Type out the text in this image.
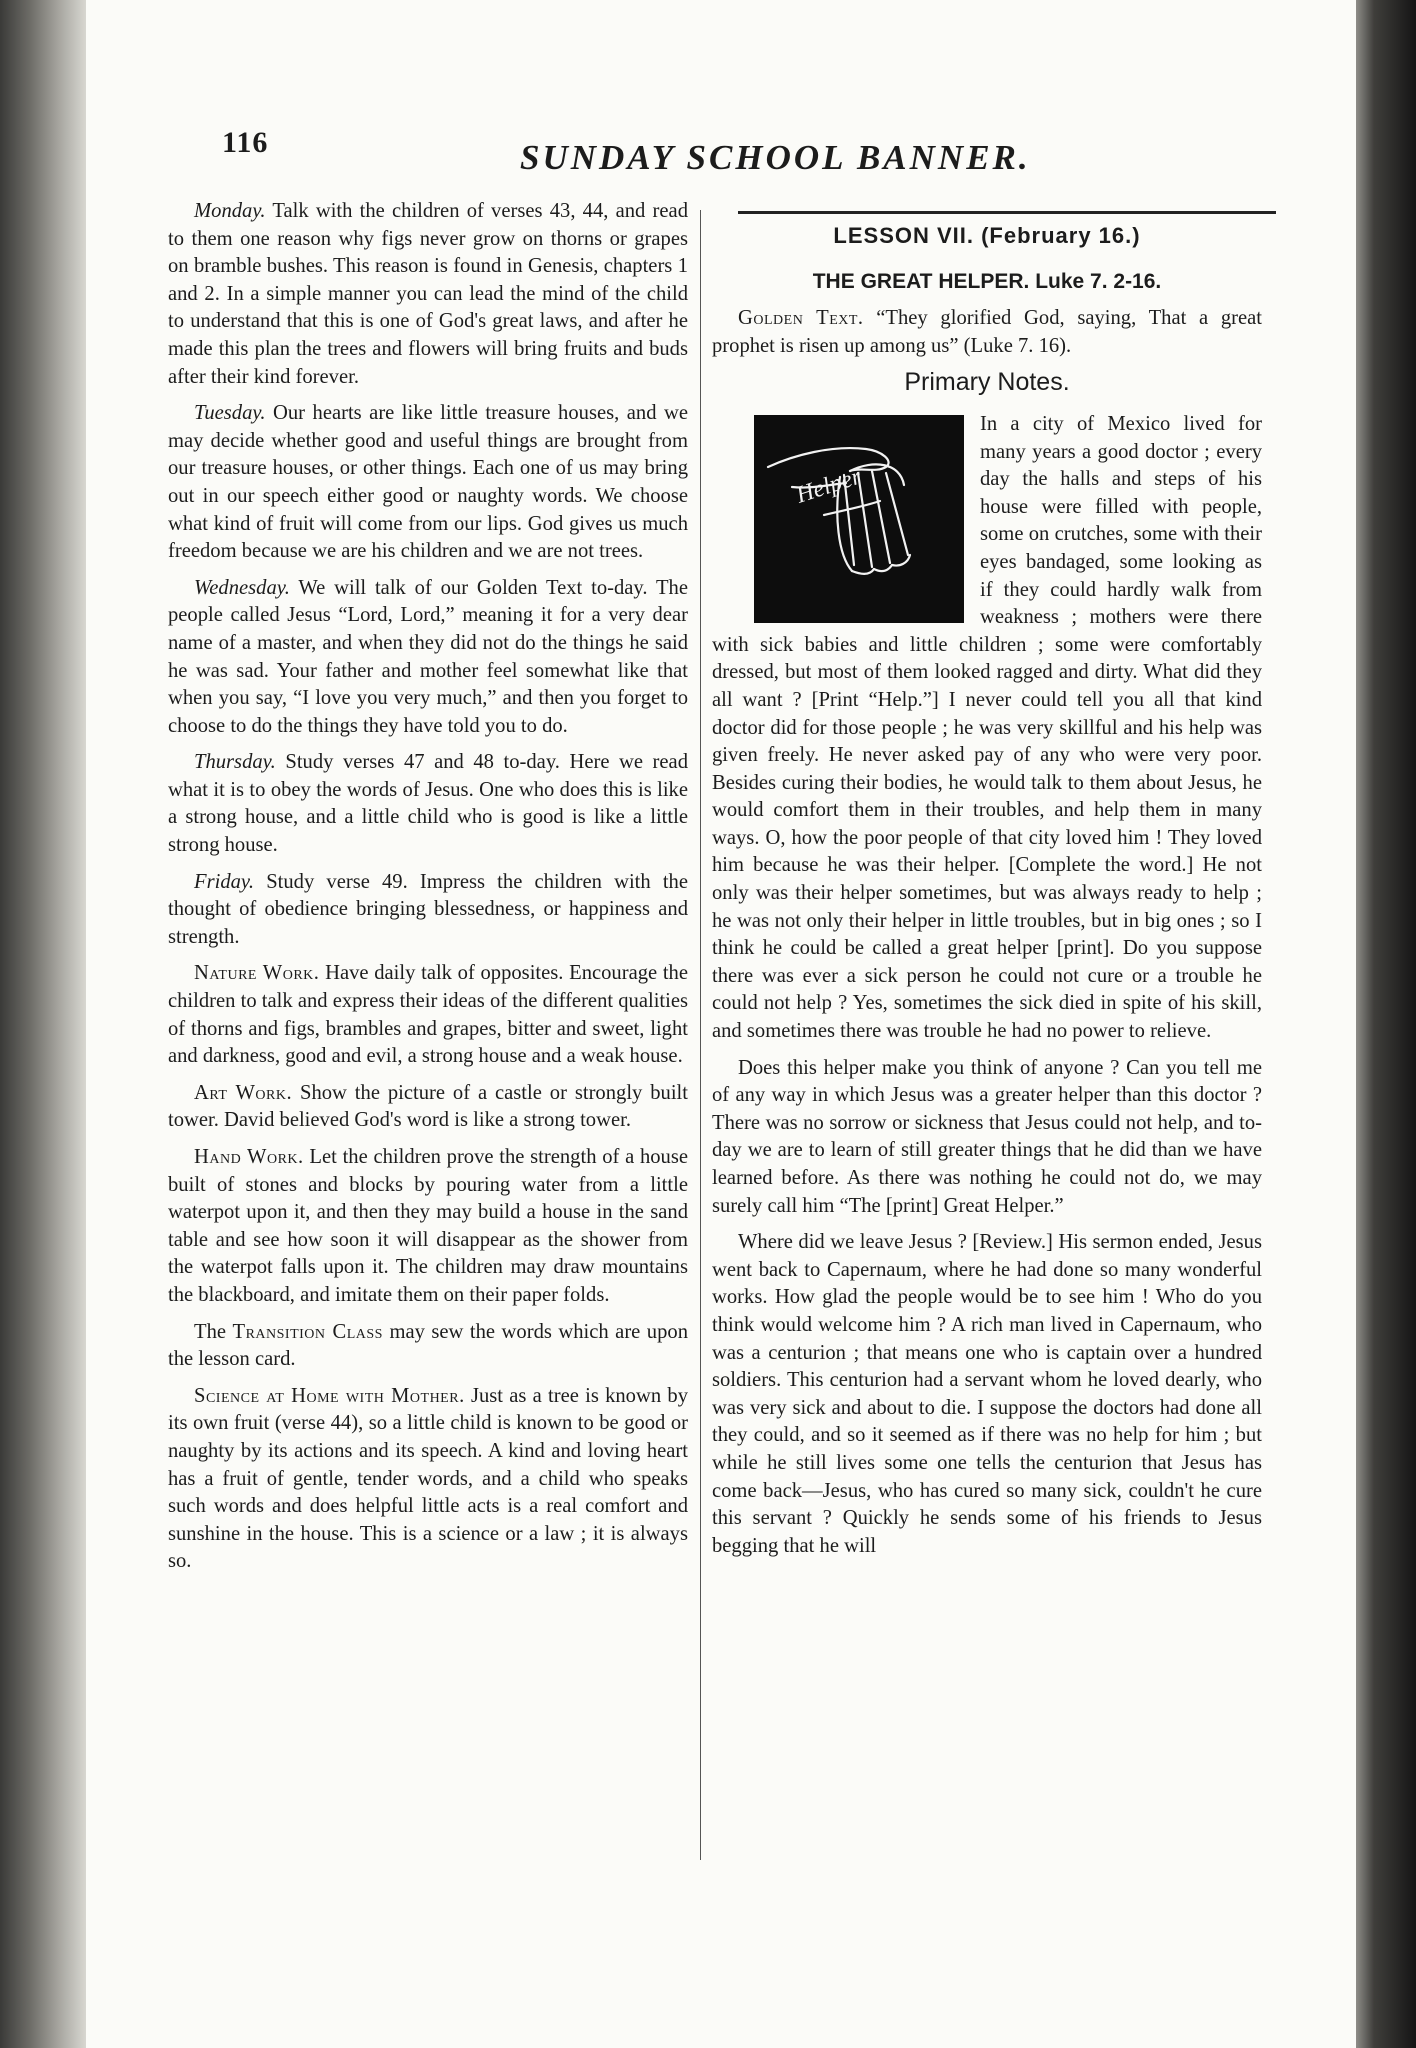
116	SUNDAY SCHOOL BANNER.

Monday. Talk with the children of verses 43, 44, and read to them one reason why figs never grow on thorns or grapes on bramble bushes. This reason is found in Genesis, chapters 1 and 2. In a simple manner you can lead the mind of the child to understand that this is one of God's great laws, and after he made this plan the trees and flowers will bring fruits and buds after their kind forever.

Tuesday. Our hearts are like little treasure houses, and we may decide whether good and useful things are brought from our treasure houses, or other things. Each one of us may bring out in our speech either good or naughty words. We choose what kind of fruit will come from our lips. God gives us much freedom because we are his children and we are not trees.

Wednesday. We will talk of our Golden Text to-day. The people called Jesus “Lord, Lord,” meaning it for a very dear name of a master, and when they did not do the things he said he was sad. Your father and mother feel somewhat like that when you say, “I love you very much,” and then you forget to choose to do the things they have told you to do.

Thursday. Study verses 47 and 48 to-day. Here we read what it is to obey the words of Jesus. One who does this is like a strong house, and a little child who is good is like a little strong house.

Friday. Study verse 49. Impress the children with the thought of obedience bringing blessedness, or happiness and strength.

Nature Work. Have daily talk of opposites. Encourage the children to talk and express their ideas of the different qualities of thorns and figs, brambles and grapes, bitter and sweet, light and darkness, good and evil, a strong house and a weak house.

Art Work. Show the picture of a castle or strongly built tower. David believed God's word is like a strong tower.

Hand Work. Let the children prove the strength of a house built of stones and blocks by pouring water from a little waterpot upon it, and then they may build a house in the sand table and see how soon it will disappear as the shower from the waterpot falls upon it. The children may draw mountains the blackboard, and imitate them on their paper folds.

The Transition Class may sew the words which are upon the lesson card.

Science at Home with Mother. Just as a tree is known by its own fruit (verse 44), so a little child is known to be good or naughty by its actions and its speech. A kind and loving heart has a fruit of gentle, tender words, and a child who speaks such words and does helpful little acts is a real comfort and sunshine in the house. This is a science or a law ; it is always so.

LESSON VII. (February 16.)
THE GREAT HELPER. Luke 7. 2-16.

Golden Text. “They glorified God, saying, That a great prophet is risen up among us” (Luke 7. 16).

Primary Notes.
Helper

In a city of Mexico lived for many years a good doctor ; every day the halls and steps of his house were filled with people, some on crutches, some with their eyes bandaged, some looking as if they could hardly walk from weakness ; mothers were there with sick babies and little children ; some were comfortably dressed, but most of them looked ragged and dirty. What did they all want ? [Print “Help.”] I never could tell you all that kind doctor did for those people ; he was very skillful and his help was given freely. He never asked pay of any who were very poor. Besides curing their bodies, he would talk to them about Jesus, he would comfort them in their troubles, and help them in many ways. O, how the poor people of that city loved him ! They loved him because he was their helper. [Complete the word.] He not only was their helper sometimes, but was always ready to help ; he was not only their helper in little troubles, but in big ones ; so I think he could be called a great helper [print]. Do you suppose there was ever a sick person he could not cure or a trouble he could not help ? Yes, sometimes the sick died in spite of his skill, and sometimes there was trouble he had no power to relieve.

Does this helper make you think of anyone ? Can you tell me of any way in which Jesus was a greater helper than this doctor ? There was no sorrow or sickness that Jesus could not help, and to-day we are to learn of still greater things that he did than we have learned before. As there was nothing he could not do, we may surely call him “The [print] Great Helper.”

Where did we leave Jesus ? [Review.] His sermon ended, Jesus went back to Capernaum, where he had done so many wonderful works. How glad the people would be to see him ! Who do you think would welcome him ? A rich man lived in Capernaum, who was a centurion ; that means one who is captain over a hundred soldiers. This centurion had a servant whom he loved dearly, who was very sick and about to die. I suppose the doctors had done all they could, and so it seemed as if there was no help for him ; but while he still lives some one tells the centurion that Jesus has come back—Jesus, who has cured so many sick, couldn't he cure this servant ? Quickly he sends some of his friends to Jesus begging that he will
